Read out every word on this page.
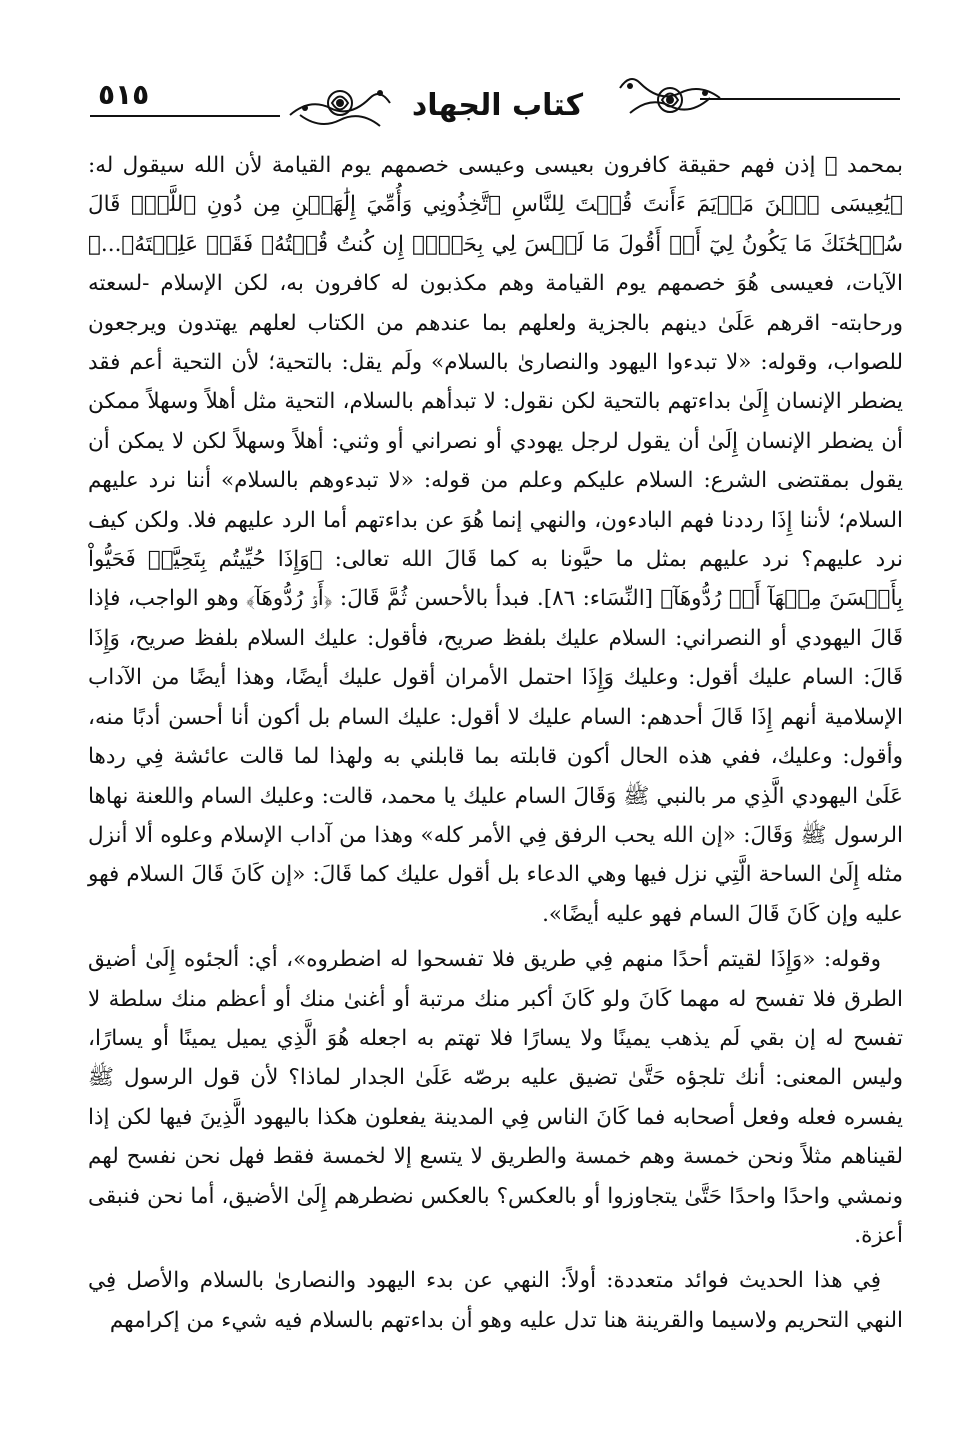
٥١٥	كتاب الجهاد

بمحمد ﷺ إذن فهم حقيقة كافرون بعيسى وعيسى خصمهم يوم القيامة لأن الله سيقول له: ﴿يَٰعِيسَى ٱبۡنَ مَرۡيَمَ ءَأَنتَ قُلۡتَ لِلنَّاسِ ٱتَّخِذُونِي وَأُمِّيَ إِلَٰهَيۡنِ مِن دُونِ ٱللَّهِۖ قَالَ سُبۡحَٰنَكَ مَا يَكُونُ لِيٓ أَنۡ أَقُولَ مَا لَيۡسَ لِي بِحَقٍّۚ إِن كُنتُ قُلۡتُهُۥ فَقَدۡ عَلِمۡتَهُۥ...﴾ الآيات، فعيسى هُوَ خصمهم يوم القيامة وهم مكذبون له كافرون به، لكن الإسلام -لسعته ورحابته- اقرهم عَلَىٰ دينهم بالجزية ولعلهم بما عندهم من الكتاب لعلهم يهتدون ويرجعون للصواب، وقوله: «لا تبدءوا اليهود والنصارىٰ بالسلام» ولَم يقل: بالتحية؛ لأن التحية أعم فقد يضطر الإنسان إِلَىٰ بداءتهم بالتحية لكن نقول: لا تبدأهم بالسلام، التحية مثل أهلاً وسهلاً ممكن أن يضطر الإنسان إِلَىٰ أن يقول لرجل يهودي أو نصراني أو وثني: أهلاً وسهلاً لكن لا يمكن أن يقول بمقتضى الشرع: السلام عليكم وعلم من قوله: «لا تبدءوهم بالسلام» أننا نرد عليهم السلام؛ لأننا إِذَا رددنا فهم البادءون، والنهي إنما هُوَ عن بداءتهم أما الرد عليهم فلا. ولكن كيف نرد عليهم؟ نرد عليهم بمثل ما حيَّونا به كما قَالَ الله تعالى: ﴿وَإِذَا حُيِّيتُم بِتَحِيَّةٖ فَحَيُّواْ بِأَحۡسَنَ مِنۡهَآ أَوۡ رُدُّوهَآ﴾ [النِّسَاء: ٨٦]. فبدأ بالأحسن ثُمَّ قَالَ: ﴿أَوۡ رُدُّوهَآ﴾ وهو الواجب، فإذا قَالَ اليهودي أو النصراني: السلام عليك بلفظ صريح، فأقول: عليك السلام بلفظ صريح، وَإِذَا قَالَ: السام عليك أقول: وعليك وَإِذَا احتمل الأمران أقول عليك أيضًا، وهذا أيضًا من الآداب الإسلامية أنهم إِذَا قَالَ أحدهم: السام عليك لا أقول: عليك السام بل أكون أنا أحسن أدبًا منه، وأقول: وعليك، ففي هذه الحال أكون قابلته بما قابلني به ولهذا لما قالت عائشة فِي ردها عَلَىٰ اليهودي الَّذِي مر بالنبي ﷺ وَقَالَ السام عليك يا محمد، قالت: وعليك السام واللعنة نهاها الرسول ﷺ وَقَالَ: «إن الله يحب الرفق فِي الأمر كله» وهذا من آداب الإسلام وعلوه ألا أنزل مثله إِلَىٰ الساحة الَّتِي نزل فيها وهي الدعاء بل أقول عليك كما قَالَ: «إن كَانَ قَالَ السلام فهو عليه وإن كَانَ قَالَ السام فهو عليه أيضًا».

وقوله: «وَإِذَا لقيتم أحدًا منهم فِي طريق فلا تفسحوا له اضطروه»، أي: ألجئوه إِلَىٰ أضيق الطرق فلا تفسح له مهما كَانَ ولو كَانَ أكبر منك مرتبة أو أغنىٰ منك أو أعظم منك سلطة لا تفسح له إن بقي لَم يذهب يمينًا ولا يسارًا فلا تهتم به اجعله هُوَ الَّذِي يميل يمينًا أو يسارًا، وليس المعنى: أنك تلجؤه حَتَّىٰ تضيق عليه برصّه عَلَىٰ الجدار لماذا؟ لأن قول الرسول ﷺ يفسره فعله وفعل أصحابه فما كَانَ الناس فِي المدينة يفعلون هكذا باليهود الَّذِينَ فيها لكن إذا لقيناهم مثلاً ونحن خمسة وهم خمسة والطريق لا يتسع إلا لخمسة فقط فهل نحن نفسح لهم ونمشي واحدًا واحدًا حَتَّىٰ يتجاوزوا أو بالعكس؟ بالعكس نضطرهم إِلَىٰ الأضيق، أما نحن فنبقى أعزة.

فِي هذا الحديث فوائد متعددة: أولاً: النهي عن بدء اليهود والنصارىٰ بالسلام والأصل فِي النهي التحريم ولاسيما والقرينة هنا تدل عليه وهو أن بداءتهم بالسلام فيه شيء من إكرامهم
